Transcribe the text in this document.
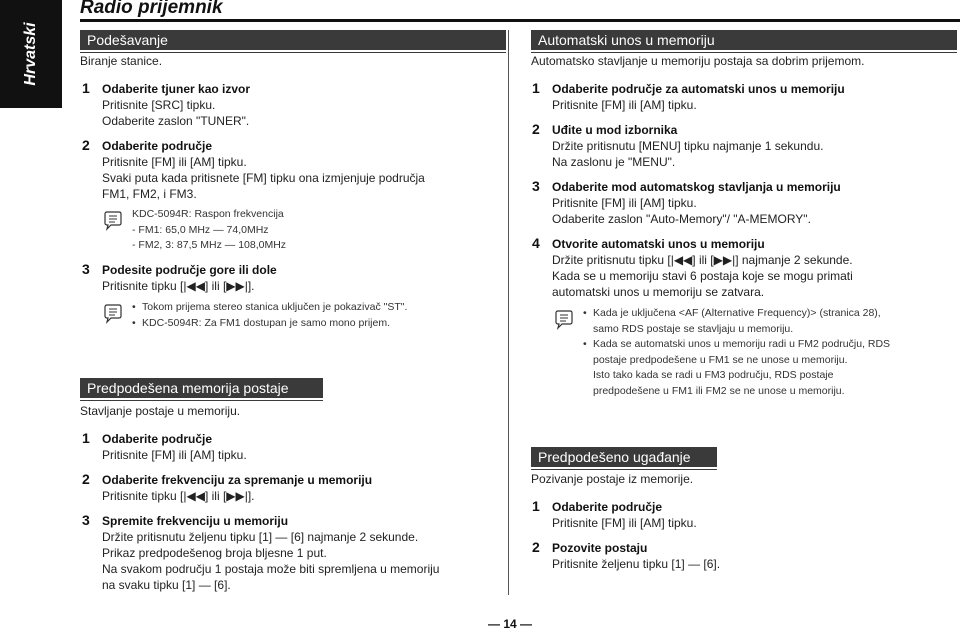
Hrvatski
Radio prijemnik
Podešavanje
Biranje stanice.
1 Odaberite tjuner kao izvor
Pritisnite [SRC] tipku.
Odaberite zaslon "TUNER".
2 Odaberite područje
Pritisnite [FM] ili [AM] tipku.
Svaki puta kada pritisnete [FM] tipku ona izmjenjuje područja
FM1, FM2, i FM3.
KDC-5094R: Raspon frekvencija
- FM1: 65,0 MHz — 74,0MHz
- FM2, 3: 87,5 MHz — 108,0MHz
3 Podesite područje gore ili dole
Pritisnite tipku [|◀◀] ili [▶▶|].
• Tokom prijema stereo stanica uključen je pokazivač "ST".
• KDC-5094R: Za FM1 dostupan je samo mono prijem.
Predpodešena memorija postaje
Stavljanje postaje u memoriju.
1 Odaberite područje
Pritisnite [FM] ili [AM] tipku.
2 Odaberite frekvenciju za spremanje u memoriju
Pritisnite tipku [|◀◀] ili [▶▶|].
3 Spremite frekvenciju u memoriju
Držite pritisnutu željenu tipku [1] — [6] najmanje 2 sekunde.
Prikaz predpodešenog broja bljesne 1 put.
Na svakom području 1 postaja može biti spremljena u memoriju
na svaku tipku [1] — [6].
Automatski unos u memoriju
Automatsko stavljanje u memoriju postaja sa dobrim prijemom.
1 Odaberite područje za automatski unos u memoriju
Pritisnite [FM] ili [AM] tipku.
2 Uđite u mod izbornika
Držite pritisnutu [MENU] tipku najmanje 1 sekundu.
Na zaslonu je "MENU".
3 Odaberite mod automatskog stavljanja u memoriju
Pritisnite [FM] ili [AM] tipku.
Odaberite zaslon "Auto-Memory"/ "A-MEMORY".
4 Otvorite automatski unos u memoriju
Držite pritisnutu tipku [|◀◀] ili [▶▶|] najmanje 2 sekunde.
Kada se u memoriju stavi 6 postaja koje se mogu primati
automatski unos u memoriju se zatvara.
• Kada je uključena <AF (Alternative Frequency)> (stranica 28),
samo RDS postaje se stavljaju u memoriju.
• Kada se automatski unos u memoriju radi u FM2 području, RDS
postaje predpodešene u FM1 se ne unose u memoriju.
Isto tako kada se radi u FM3 području, RDS postaje
predpodešene u FM1 ili FM2 se ne unose u memoriju.
Predpodešeno ugađanje
Pozivanje postaje iz memorije.
1 Odaberite područje
Pritisnite [FM] ili [AM] tipku.
2 Pozovite postaju
Pritisnite željenu tipku [1] — [6].
— 14 —
